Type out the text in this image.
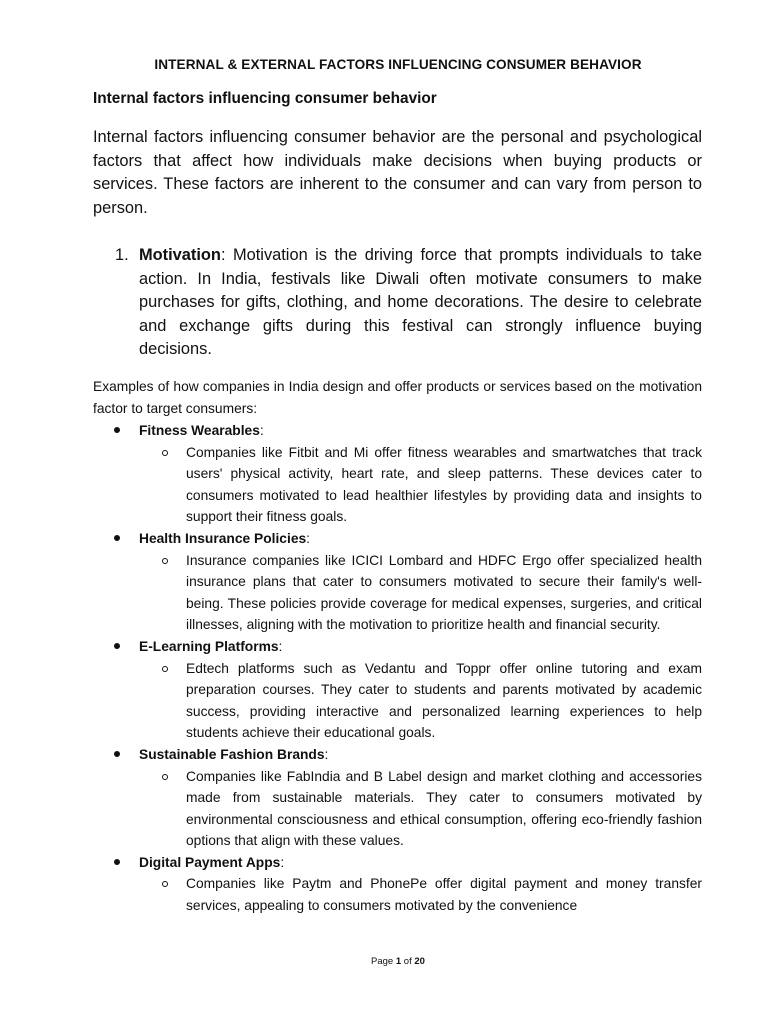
INTERNAL & EXTERNAL FACTORS INFLUENCING CONSUMER BEHAVIOR
Internal factors influencing consumer behavior

Internal factors influencing consumer behavior are the personal and psychological factors that affect how individuals make decisions when buying products or services. These factors are inherent to the consumer and can vary from person to person.

1. Motivation: Motivation is the driving force that prompts individuals to take action. In India, festivals like Diwali often motivate consumers to make purchases for gifts, clothing, and home decorations. The desire to celebrate and exchange gifts during this festival can strongly influence buying decisions.

Examples of how companies in India design and offer products or services based on the motivation factor to target consumers:

Fitness Wearables:

Companies like Fitbit and Mi offer fitness wearables and smartwatches that track users' physical activity, heart rate, and sleep patterns. These devices cater to consumers motivated to lead healthier lifestyles by providing data and insights to support their fitness goals.

Health Insurance Policies:

Insurance companies like ICICI Lombard and HDFC Ergo offer specialized health insurance plans that cater to consumers motivated to secure their family's well-being. These policies provide coverage for medical expenses, surgeries, and critical illnesses, aligning with the motivation to prioritize health and financial security.

E-Learning Platforms:

Edtech platforms such as Vedantu and Toppr offer online tutoring and exam preparation courses. They cater to students and parents motivated by academic success, providing interactive and personalized learning experiences to help students achieve their educational goals.

Sustainable Fashion Brands:

Companies like FabIndia and B Label design and market clothing and accessories made from sustainable materials. They cater to consumers motivated by environmental consciousness and ethical consumption, offering eco-friendly fashion options that align with these values.

Digital Payment Apps:

Companies like Paytm and PhonePe offer digital payment and money transfer services, appealing to consumers motivated by the convenience

Page 1 of 20
